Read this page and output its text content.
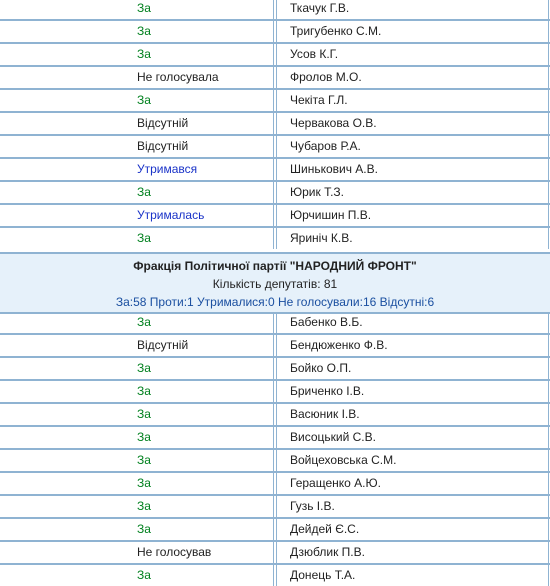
За	Ткачук Г.В.
За	Тригубенко С.М.
За	Усов К.Г.
Не голосувала	Фролов М.О.
За	Чекіта Г.Л.
Відсутній	Червакова О.В.
Відсутній	Чубаров Р.А.
Утримався	Шинькович А.В.
За	Юрик Т.З.
Утрималась	Юрчишин П.В.
За	Яриніч К.В.
Фракція Політичної партії "НАРОДНИЙ ФРОНТ"
Кількість депутатів: 81
За:58 Проти:1 Утрималися:0 Не голосували:16 Відсутні:6
За	Бабенко В.Б.
Відсутній	Бендюженко Ф.В.
За	Бойко О.П.
За	Бриченко І.В.
За	Васюник І.В.
За	Висоцький С.В.
За	Войцеховська С.М.
За	Геращенко А.Ю.
За	Гузь І.В.
За	Дейдей Є.С.
Не голосував	Дзюблик П.В.
За	Донець Т.А.
